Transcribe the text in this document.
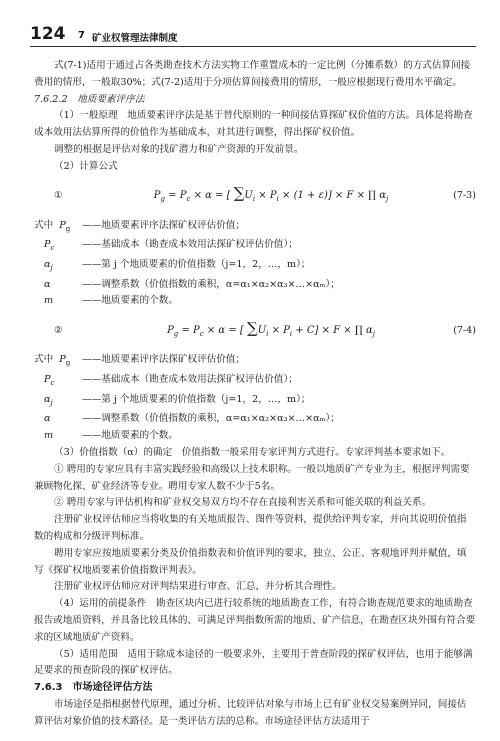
124 7 矿业权管理法律制度

式(7-1)适用于通过占各类勘查技术方法实物工作重置成本的一定比例（分摊系数）的方式估算间接费用的情形，一般取30%；式(7-2)适用于分项估算间接费用的情形，一般应根据现行费用水平确定。

7.6.2.2　地质要素评序法

（1）一般原理　地质要素评序法是基于替代原则的一种间接估算探矿权价值的方法。具体是将勘查成本效用法估算所得的价值作为基础成本，对其进行调整，得出探矿权价值。

调整的根据是评估对象的找矿潜力和矿产资源的开发前景。

（2）计算公式

①	$P_g = P_c \times \alpha$ = [ $\sum U_i \times P_i \times (1 + \varepsilon)] \times F$ × ∏ $\alpha_j$	(7-3)
式中 $P_g$	——地质要素评序法探矿权评估价值；
$P_c$	——基础成本（勘查成本效用法探矿权评估价值）；
$\alpha_j$	——第 j 个地质要素的价值指数（j=1，2，…，m）；
α	——调整系数（价值指数的乘积，α=α₁×α₂×α₃×…×αₘ）；
m	——地质要素的个数。
②	$P_g = P_c \times \alpha$ = [ $\sum U_i \times P_i + C] \times F$ × ∏ $\alpha_j$	(7-4)
式中 $P_g$	——地质要素评序法探矿权评估价值；
$P_c$	——基础成本（勘查成本效用法探矿权评估价值）；
$\alpha_j$	——第 j 个地质要素的价值指数（j=1，2，…，m）；
α	——调整系数（价值指数的乘积，α=α₁×α₂×α₃×…×αₘ）；
m	——地质要素的个数。

（3）价值指数（α）的确定　价值指数一般采用专家评判方式进行。专家评判基本要求如下。

① 聘用的专家应具有丰富实践经验和高级以上技术职称。一般以地质矿产专业为主，根据评判需要兼顾物化探、矿业经济等专业。聘用专家人数不少于5名。

② 聘用专家与评估机构和矿业权交易双方均不存在直接利害关系和可能关联的利益关系。

注册矿业权评估师应当将收集的有关地质报告、图件等资料，提供给评判专家，并向其说明价值指数的构成和分级评判标准。

聘用专家应按地质要素分类及价值指数表和价值评判的要求，独立、公正、客观地评判并赋值，填写《探矿权地质要素价值指数评判表》。

注册矿业权评估师应对评判结果进行审查、汇总，并分析其合理性。

（4）运用的前提条件　勘查区块内已进行较系统的地质勘查工作，有符合勘查规范要求的地质勘查报告或地质资料，并具备比较具体的、可满足评判指数所需的地质、矿产信息，在勘查区块外围有符合要求的区域地质矿产资料。

（5）适用范围　适用于除成本途径的一般要求外，主要用于普查阶段的探矿权评估，也用于能够满足要求的预查阶段的探矿权评估。

7.6.3　市场途径评估方法

市场途径是指根据替代原理，通过分析、比较评估对象与市场上已有矿业权交易案例异同，间接估算评估对象价值的技术路径。是一类评估方法的总称。市场途径评估方法适用于
